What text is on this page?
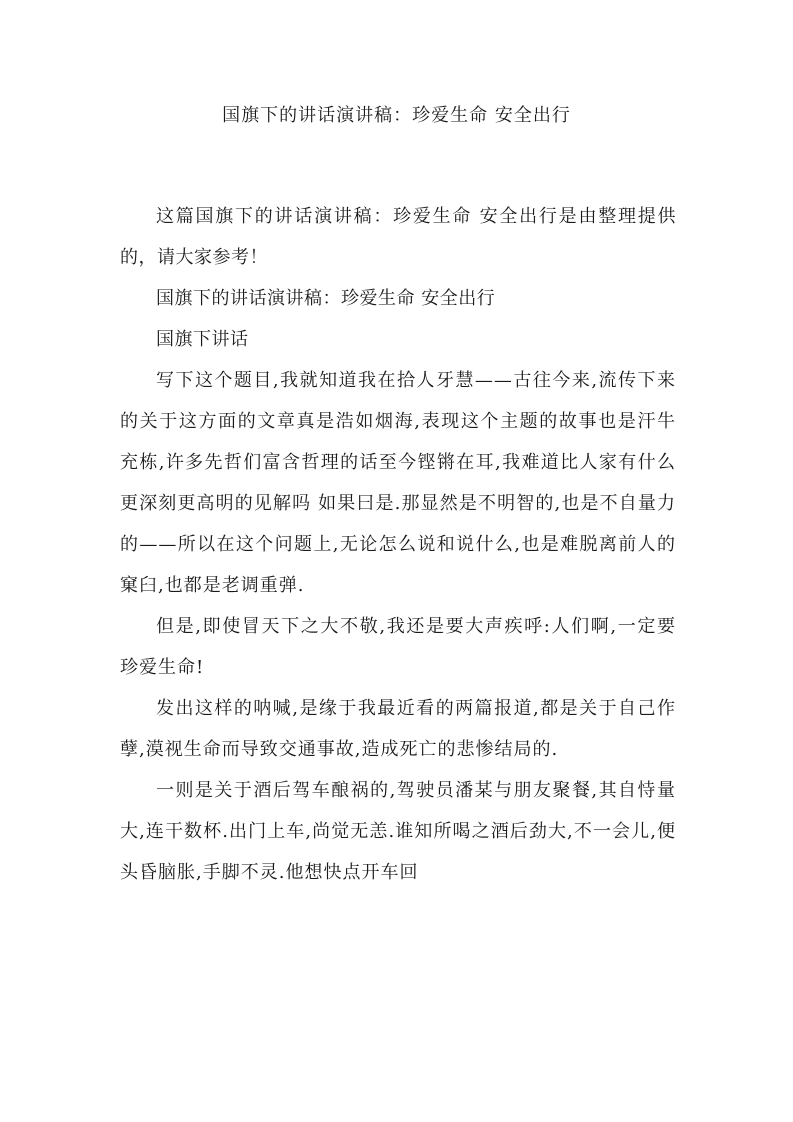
国旗下的讲话演讲稿：珍爱生命 安全出行

这篇国旗下的讲话演讲稿：珍爱生命 安全出行是由整理提供的，请大家参考！

国旗下的讲话演讲稿：珍爱生命 安全出行

国旗下讲话

写下这个题目,我就知道我在拾人牙慧——古往今来,流传下来的关于这方面的文章真是浩如烟海,表现这个主题的故事也是汗牛充栋,许多先哲们富含哲理的话至今铿锵在耳,我难道比人家有什么更深刻更高明的见解吗 如果曰是.那显然是不明智的,也是不自量力的——所以在这个问题上,无论怎么说和说什么,也是难脱离前人的窠臼,也都是老调重弹.

但是,即使冒天下之大不敬,我还是要大声疾呼:人们啊,一定要珍爱生命!

发出这样的呐喊,是缘于我最近看的两篇报道,都是关于自己作孽,漠视生命而导致交通事故,造成死亡的悲惨结局的.

一则是关于酒后驾车酿祸的,驾驶员潘某与朋友聚餐,其自恃量大,连干数杯.出门上车,尚觉无恙.谁知所喝之酒后劲大,不一会儿,便头昏脑胀,手脚不灵.他想快点开车回
